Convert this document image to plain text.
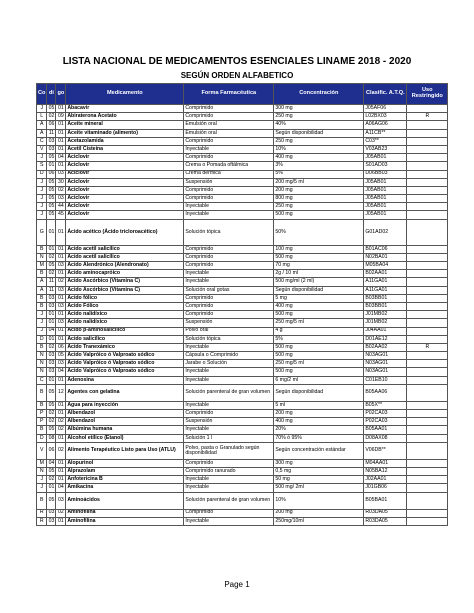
LISTA NACIONAL DE MEDICAMENTOS ESENCIALES LINAME 2018 - 2020
SEGÚN ORDEN ALFABETICO
Co	di	go	Medicamento	Forma Farmacéutica	Concentración	Clasific. A.T.Q.	Uso Restringido
J	05	01	Abacavir	Comprimido	300 mg	J05AF06	
L	02	09	Abiraterona Acetato	Comprimido	250 mg	L02BX03	R
A	06	01	Aceite mineral	Emulsión oral	40%	A06AG06	
A	11	01	Aceite vitaminado (alimento)	Emulsión oral	Según disponibilidad	A11CB**	
C	03	01	Acetazolamida	Comprimido	250 mg	C03**	
V	03	01	Acetil Cisteina	Inyectable	10%	V03AB23	
J	05	04	Aciclovir	Comprimido	400 mg	J05AB01	
S	01	01	Aciclovir	Crema o Pomada oftálmica	3%	S01AD03	
D	06	03	Aciclovir	Crema dermica	5%	D06BB03	
J	05	30	Aciclovir	Suspensión	200 mg/5 ml	J05AB01	
J	05	02	Aciclovir	Comprimido	200 mg	J05AB01	
J	05	03	Aciclovir	Comprimido	800 mg	J05AB01	
J	05	44	Aciclovir	Inyectable	250 mg	J05AB01	
J	05	45	Aciclovir	Inyectable	500 mg	J05AB01	
G	01	01	Ácido acético (Ácido tricloroacético)	Solución tópica	50%	G01AD02	
B	01	01	Ácido acetil salicílico	Comprimido	100 mg	B01AC06	
N	02	01	Ácido acetil salicílico	Comprimido	500 mg	N02BA01	
M	05	03	Ácido Alendrónico (Alendronato)	Comprimido	70 mg	M05BA04	
B	02	01	Ácido aminocapróico	Inyectable	2g / 10 ml	B02AA01	
A	11	02	Ácido Ascórbico (Vitamina C)	Inyectable	500 mg/ml (2 ml)	A11GA01	
A	11	03	Ácido Ascórbico (Vitamina C)	Solución oral gotas	Según disponibilidad	A11GA01	
B	03	01	Ácido fólico	Comprimido	5 mg	B03BB01	
B	03	03	Ácido Fólico	Comprimido	400 mg	B03BB01	
J	01	01	Ácido nalidíxico	Comprimido	500 mg	J01MB02	
J	01	03	Ácido nalidíxico	Suspensión	250 mg/5 ml	J01MB02	
J	04	01	Ácido p-aminosalicílico	Polvo oral	4 g	J04AA01	
D	01	01	Ácido salicílico	Solución tópica	5%	D01AE12	
B	02	06	Ácido Tranexámico	Inyectable	500 mg	B02AA02	R
N	03	05	Ácido Valpróico ó Valproato sódico	Cápsula o Comprimido	500 mg	N03AG01	
N	03	03	Ácido Valpróico ó Valproato sódico	Jarabe o Solución	250 mg/5 ml	N03AG01	
N	03	04	Ácido Valpróico ó Valproato sódico	Inyectable	500 mg	N03AG01	
C	01	01	Adenosina	Inyectable	6 mg/2 ml	C01EB10	
B	05	12	Agentes con gelatina	Solución parenteral de gran volumen	Según disponibilidad	B05AA06	
B	05	01	Agua para inyección	Inyectable	5 ml	B05X**	
P	02	01	Albendazol	Comprimido	200 mg	P02CA03	
P	02	02	Albendazol	Suspensión	400 mg	P02CA03	
B	05	02	Albúmina humana	Inyectable	20%	B05AA01	
D	08	01	Alcohol etílico (Etanol)	Solución 1 l	70% ó 95%	D08AX08	
V	06	02	Alimento Terapéutico Listo para Uso (ATLU)	Polvo, pasta o Granulado según disponibilidad	Según concentración estándar	V06DB**	
M	04	01	Alopurinol	Comprimido	300 mg	M04AA01	
N	05	01	Alprazolam	Comprimido ranurado	0,5 mg	N05BA12	
J	02	01	Anfotericina B	Inyectable	50 mg	J02AA01	
J	01	04	Amikacina	Inyectable	500 mg/ 2ml	J01GB06	
B	05	03	Aminoácidos	Solución parenteral de gran volumen	10%	B05BA01	
R	03	02	Aminofilina	Comprimido	200 mg	R03DA05	
R	03	01	Aminofilina	Inyectable	250mg/10ml	R03DA05	
Page 1
